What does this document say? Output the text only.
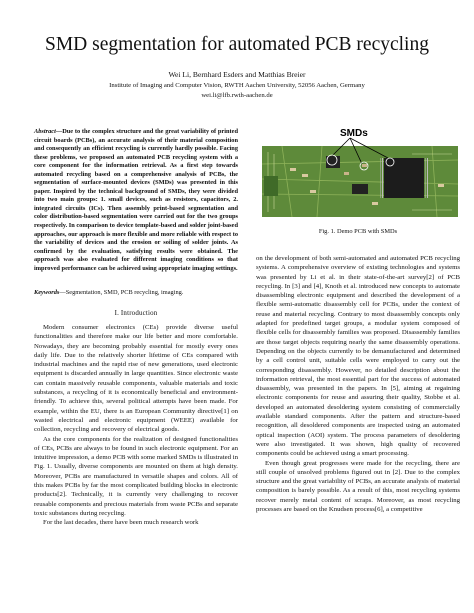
SMD segmentation for automated PCB recycling
Wei Li, Bernhard Esders and Matthias Breier
Institute of Imaging and Computer Vision, RWTH Aachen University, 52056 Aachen, Germany
wei.li@lfb.rwth-aachen.de

Abstract—Due to the complex structure and the great variability of printed circuit boards (PCBs), an accurate analysis of their material composition and consequently an efficient recycling is currently hardly possible. Facing these problems, we proposed an automated PCB recycling system with a core component for the information retrieval. As a first step towards automated recycling based on a comprehensive analysis of PCBs, the segmentation of surface-mounted devices (SMDs) was presented in this paper. Inspired by the technical background of SMDs, they were divided into two main groups: 1. small devices, such as resistors, capacitors, 2. integrated circuits (ICs). Then assembly print-based segmentation and color distribution-based segmentation were carried out for the two groups respectively. In comparison to device template-based and solder joint-based approaches, our approach is more flexible and more reliable with respect to the variability of devices and the erosion or soiling of solder joints. As confirmed by the evaluation, satisfying results were obtained. The approach was also evaluated for different imaging conditions so that improved performance can be achieved using appropriate imaging settings.

Keywords—Segmentation, SMD, PCB recycling, imaging.

I. Introduction

Modern consumer electronics (CEs) provide diverse useful functionalities and therefore make our life better and more comfortable. Nowadays, they are becoming probably essential for mostly every ones daily life. Due to the relatively shorter lifetime of CEs compared with industrial machines and the rapid rise of new generations, used electronic equipment is discarded annually in large quantities. Since electronic waste can contain massively reusable components, valuable materials and toxic substances, a recycling of it is economically beneficial and environment-friendly. To achieve this, several political attempts have been made. For example, within the EU, there is an European Community directive[1] on wasted electrical and electronic equipment (WEEE) available for collection, recycling and recovery of electrical goods.

As the core components for the realization of designed functionalities of CEs, PCBs are always to be found in such electronic equipment. For an intuitive impression, a demo PCB with some marked SMDs is illustrated in Fig. 1. Usually, diverse components are mounted on them at high density. Moreover, PCBs are manufactured in versatile shapes and colors. All of this makes PCBs by far the most complicated building blocks in electronic products[2]. Technically, it is currently very challenging to recover reusable components and precious materials from waste PCBs and separate toxic substances during recycling.

For the last decades, there have been much research work

SMDs
Fig. 1. Demo PCB with SMDs

on the development of both semi-automated and automated PCB recycling systems. A comprehensive overview of existing technologies and systems was presented by Li et al. in their state-of-the-art survey[2] of PCB recycling. In [3] and [4], Knoth et al. introduced new concepts to automate disassembling electronic equipment and described the development of a flexible semi-automatic disassembly cell for PCBs, under the context of reuse and material recycling. Contrary to most disassembly concepts only adapted for predefined target groups, a modular system composed of flexible cells for disassembly families was proposed. Disassembly families are those target objects requiring nearly the same disassembly operations. Depending on the objects currently to be demanufactured and determined by a cell control unit, suitable cells were employed to carry out the corresponding disassembly. However, no detailed description about the information retrieval, the most essential part for the success of automated disassembly, was presented in the papers. In [5], aiming at regaining electronic components for reuse and assuring their quality, Stobbe et al. developed an automated desoldering system consisting of commercially available standard components. After the pattern and structure-based recognition, all desoldered components are inspected using an automated optical inspection (AOI) system. The process parameters of desoldering were also investigated. It was shown, high quality of recovered components could be achieved using a smart processing.

Even though great progresses were made for the recycling, there are still couple of unsolved problems figured out in [2]. Due to the complex structure and the great variability of PCBs, an accurate analysis of material composition is barely possible. As a result of this, most recycling systems recover merely metal content of scraps. Moreover, as most recycling processes are based on the Knudsen process[6], a competitive
